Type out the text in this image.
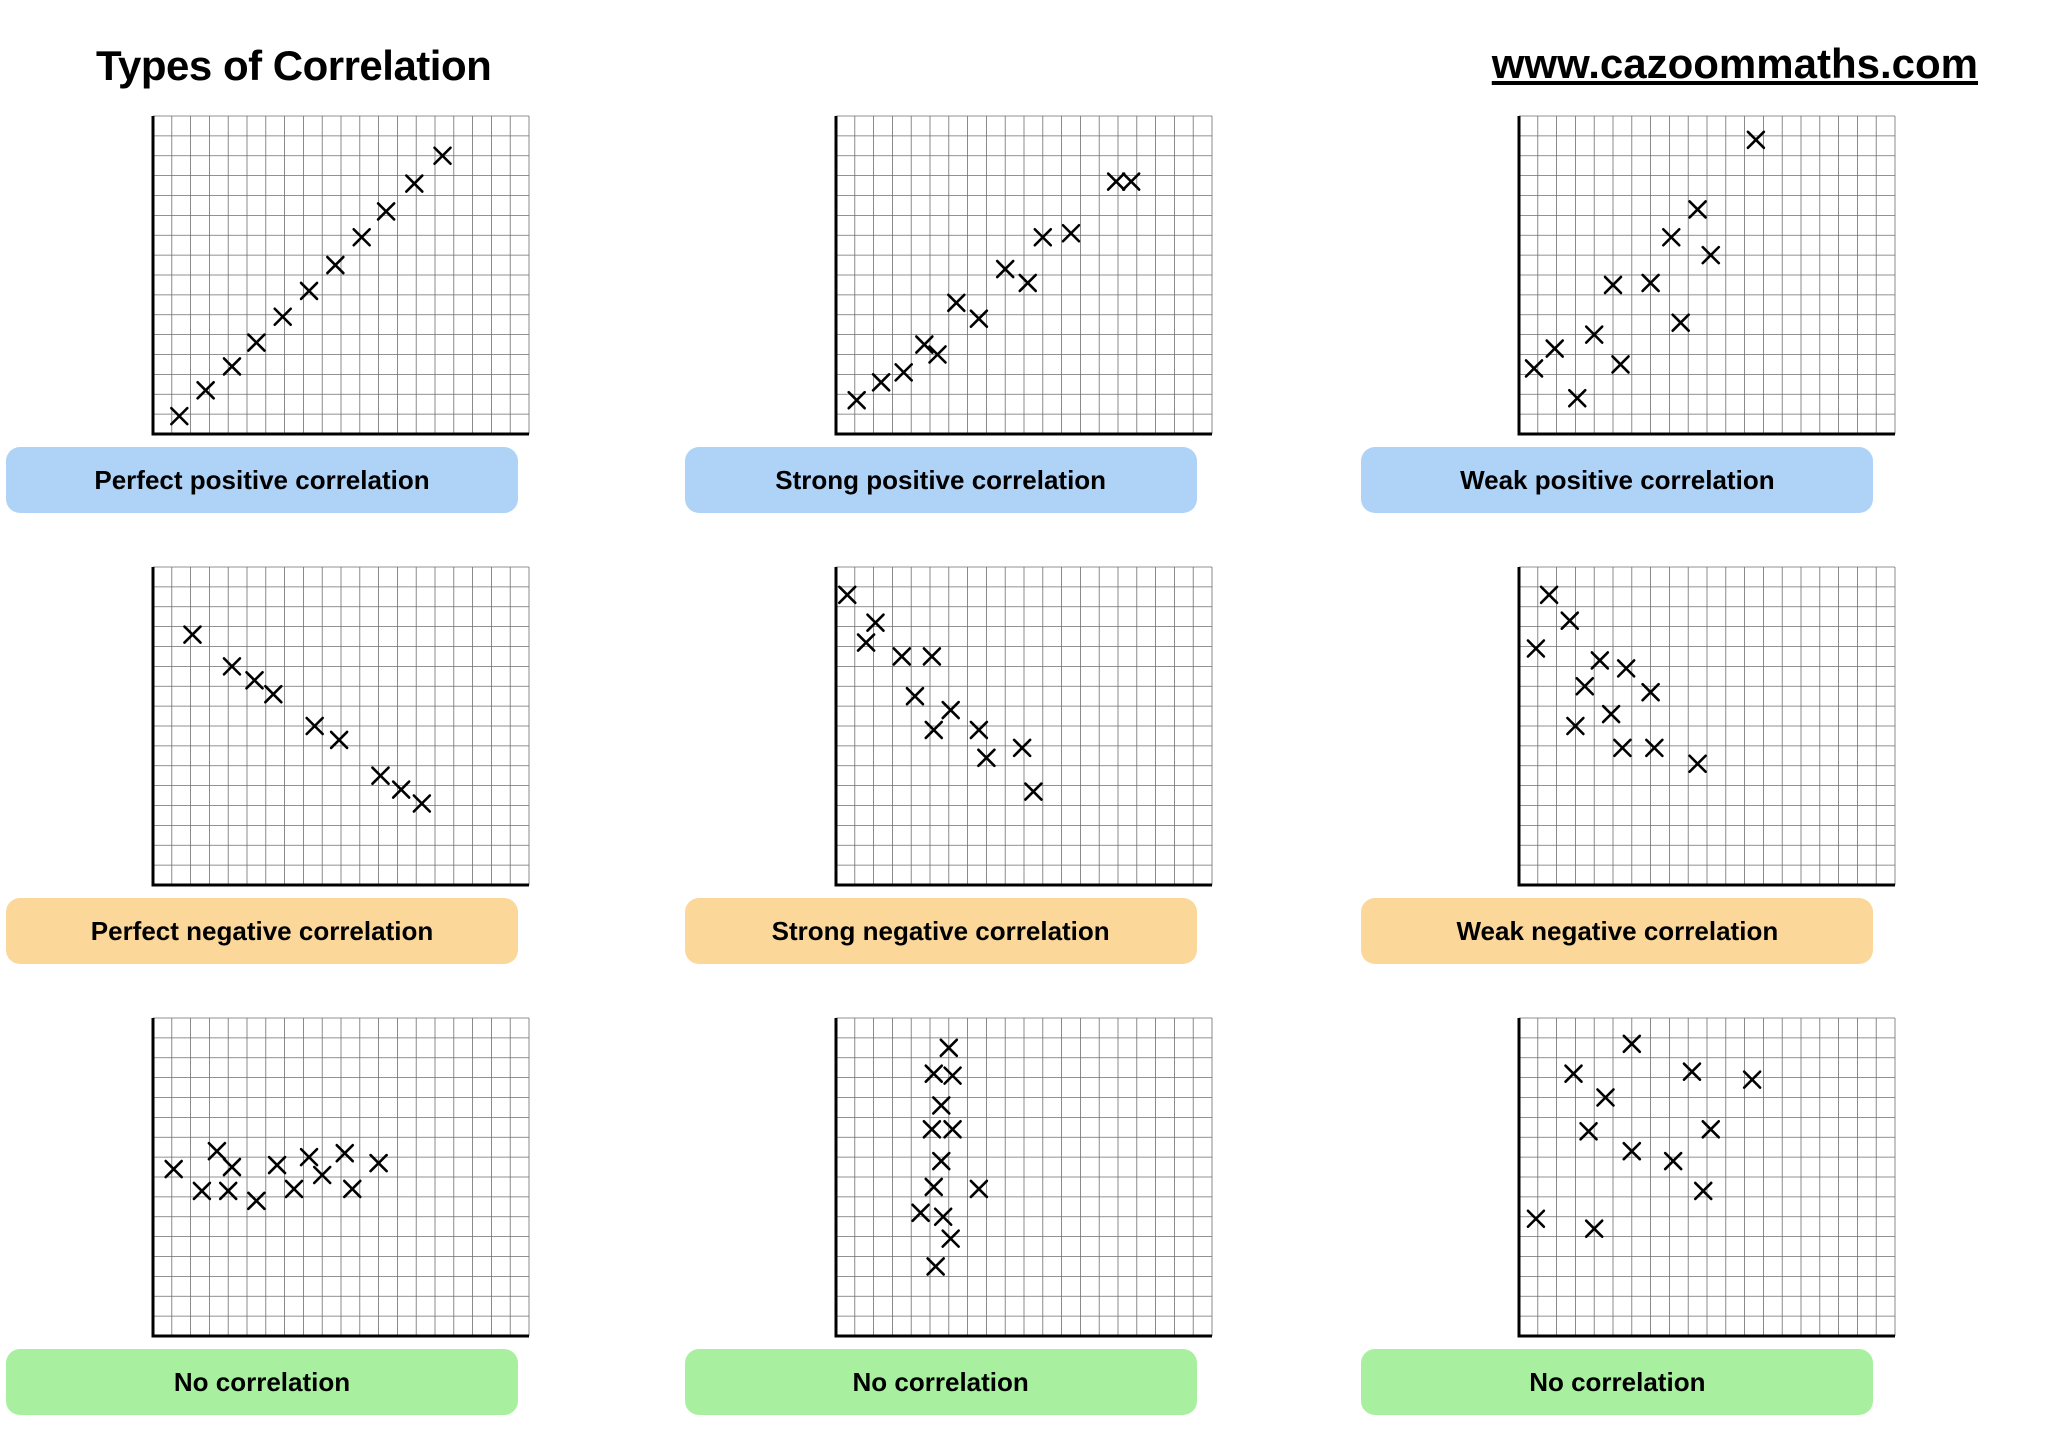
Types of Correlation	www.cazoommaths.com
Perfect positive correlation	Strong positive correlation	Weak positive correlation
Perfect negative correlation	Strong negative correlation	Weak negative correlation
No correlation	No correlation	No correlation
